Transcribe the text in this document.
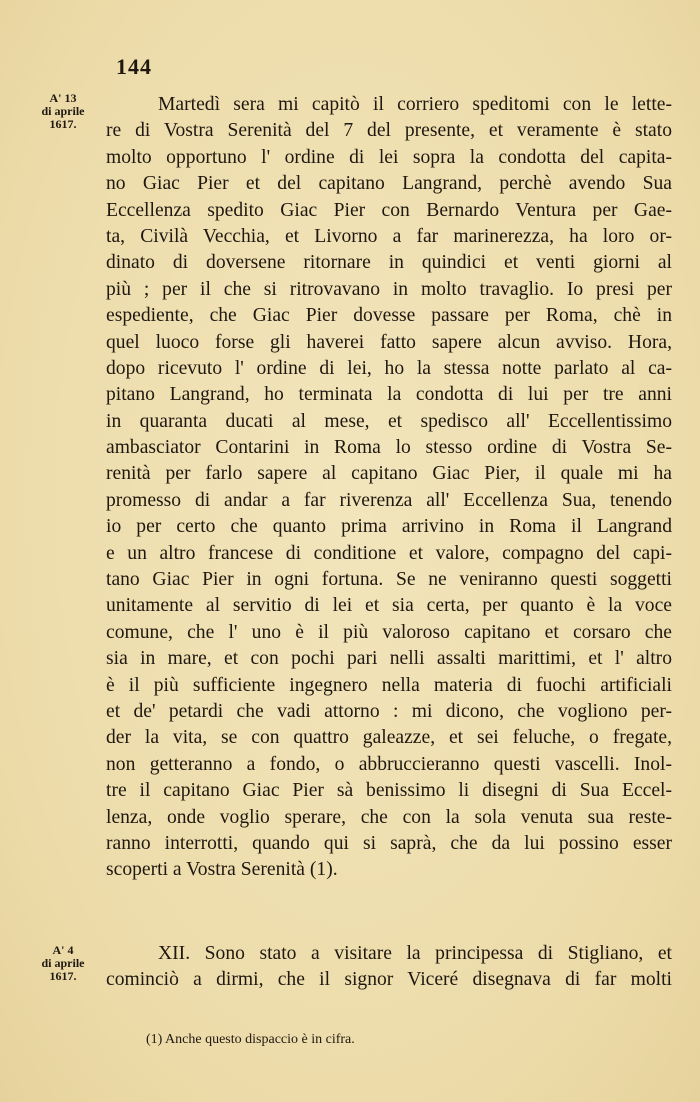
144
A' 13
di aprile
1617.
Martedì sera mi capitò il corriero speditomi con le lette-
re di Vostra Serenità del 7 del presente, et veramente è stato
molto opportuno l' ordine di lei sopra la condotta del capita-
no Giac Pier et del capitano Langrand, perchè avendo Sua
Eccellenza spedito Giac Pier con Bernardo Ventura per Gae-
ta, Civilà Vecchia, et Livorno a far marinerezza, ha loro or-
dinato di doversene ritornare in quindici et venti giorni al
più ; per il che si ritrovavano in molto travaglio. Io presi per
espediente, che Giac Pier dovesse passare per Roma, chè in
quel luoco forse gli haverei fatto sapere alcun avviso. Hora,
dopo ricevuto l' ordine di lei, ho la stessa notte parlato al ca-
pitano Langrand, ho terminata la condotta di lui per tre anni
in quaranta ducati al mese, et spedisco all' Eccellentissimo
ambasciator Contarini in Roma lo stesso ordine di Vostra Se-
renità per farlo sapere al capitano Giac Pier, il quale mi ha
promesso di andar a far riverenza all' Eccellenza Sua, tenendo
io per certo che quanto prima arrivino in Roma il Langrand
e un altro francese di conditione et valore, compagno del capi-
tano Giac Pier in ogni fortuna. Se ne veniranno questi soggetti
unitamente al servitio di lei et sia certa, per quanto è la voce
comune, che l' uno è il più valoroso capitano et corsaro che
sia in mare, et con pochi pari nelli assalti marittimi, et l' altro
è il più sufficiente ingegnero nella materia di fuochi artificiali
et de' petardi che vadi attorno : mi dicono, che vogliono per-
der la vita, se con quattro galeazze, et sei feluche, o fregate,
non getteranno a fondo, o abbruccieranno questi vascelli. Inol-
tre il capitano Giac Pier sà benissimo li disegni di Sua Eccel-
lenza, onde voglio sperare, che con la sola venuta sua reste-
ranno interrotti, quando qui si saprà, che da lui possino esser
scoperti a Vostra Serenità (1).
A' 4
di aprile
1617.
XII. Sono stato a visitare la principessa di Stigliano, et
cominciò a dirmi, che il signor Viceré disegnava di far molti
(1) Anche questo dispaccio è in cifra.
